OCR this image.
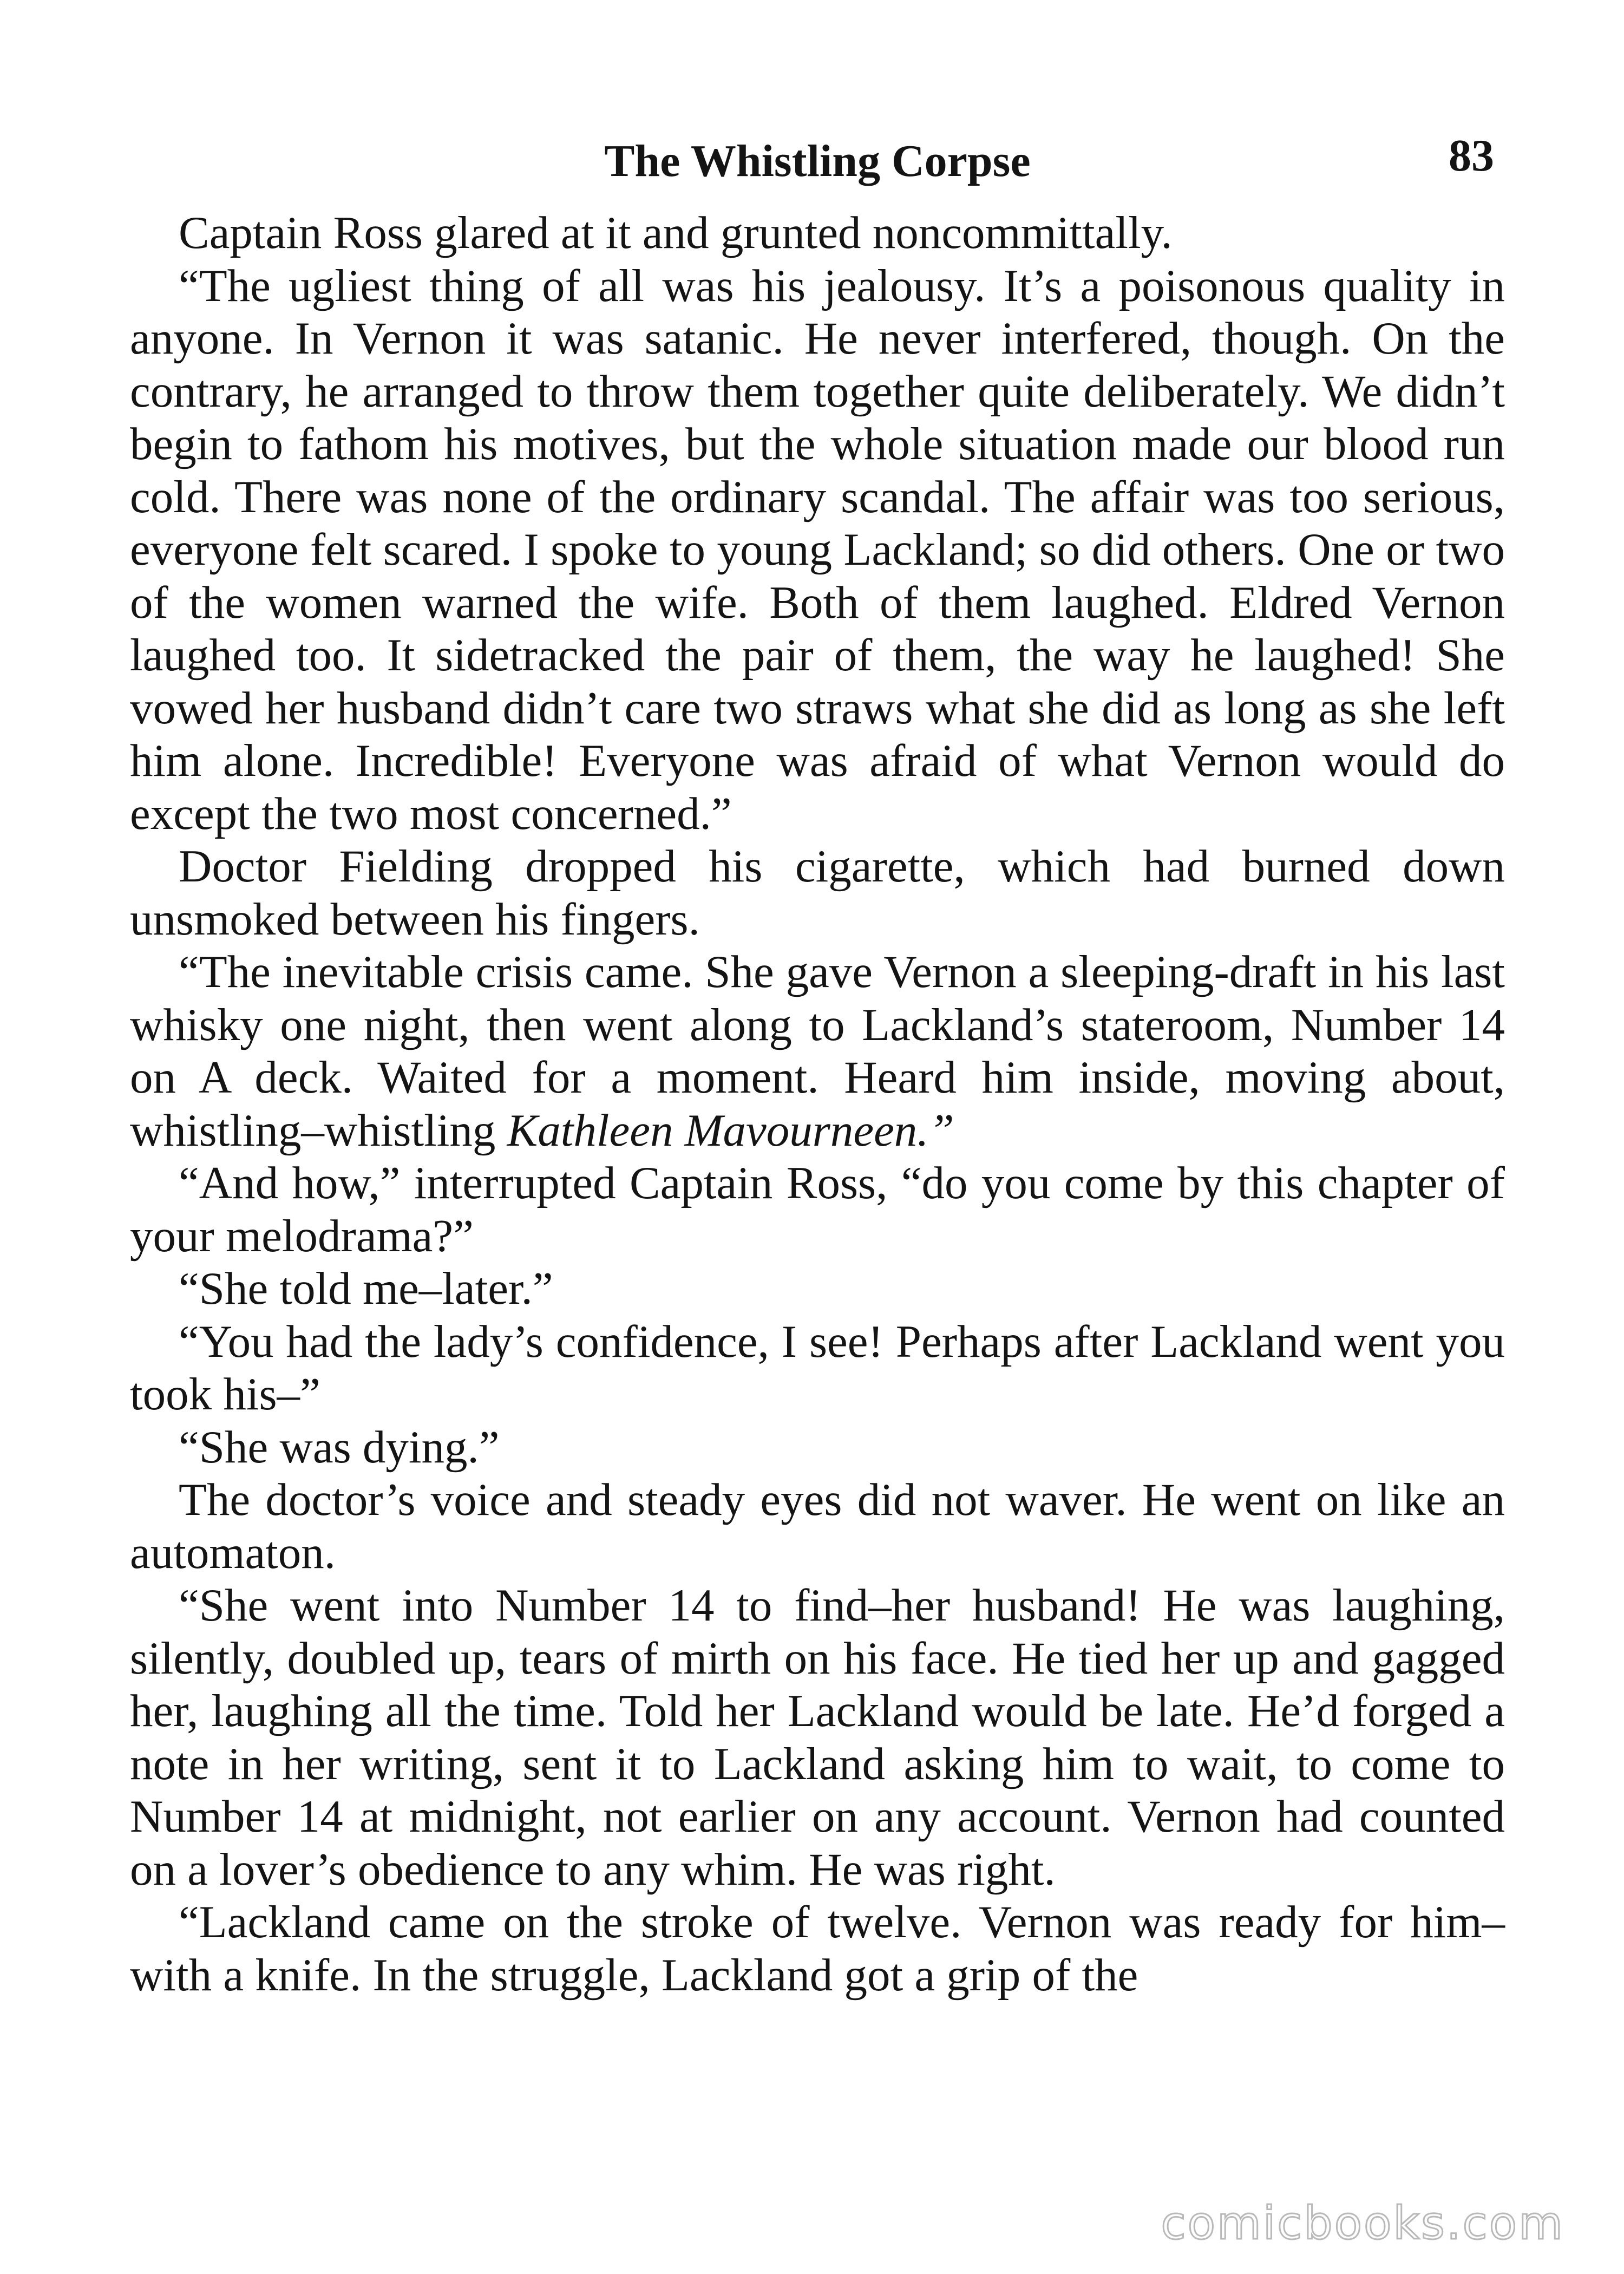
The Whistling Corpse	83

Captain Ross glared at it and grunted noncommittally.

“The ugliest thing of all was his jealousy. It’s a poisonous quality in anyone. In Vernon it was satanic. He never interfered, though. On the contrary, he arranged to throw them together quite deliberately. We didn’t begin to fathom his motives, but the whole situation made our blood run cold. There was none of the ordinary scandal. The affair was too serious, everyone felt scared. I spoke to young Lackland; so did others. One or two of the women warned the wife. Both of them laughed. Eldred Vernon laughed too. It sidetracked the pair of them, the way he laughed! She vowed her husband didn’t care two straws what she did as long as she left him alone. Incredible! Everyone was afraid of what Vernon would do except the two most concerned.”

Doctor Fielding dropped his cigarette, which had burned down unsmoked between his fingers.

“The inevitable crisis came. She gave Vernon a sleeping-draft in his last whisky one night, then went along to Lackland’s stateroom, Number 14 on A deck. Waited for a moment. Heard him inside, moving about, whistling–whistling Kathleen Mavourneen.”

“And how,” interrupted Captain Ross, “do you come by this chapter of your melodrama?”

“She told me–later.”

“You had the lady’s confidence, I see! Perhaps after Lackland went you took his–”

“She was dying.”

The doctor’s voice and steady eyes did not waver. He went on like an automaton.

“She went into Number 14 to find–her husband! He was laughing, silently, doubled up, tears of mirth on his face. He tied her up and gagged her, laughing all the time. Told her Lackland would be late. He’d forged a note in her writing, sent it to Lackland asking him to wait, to come to Number 14 at midnight, not earlier on any account. Vernon had counted on a lover’s obedience to any whim. He was right.

“Lackland came on the stroke of twelve. Vernon was ready for him–with a knife. In the struggle, Lackland got a grip of the

comicbooks.com
